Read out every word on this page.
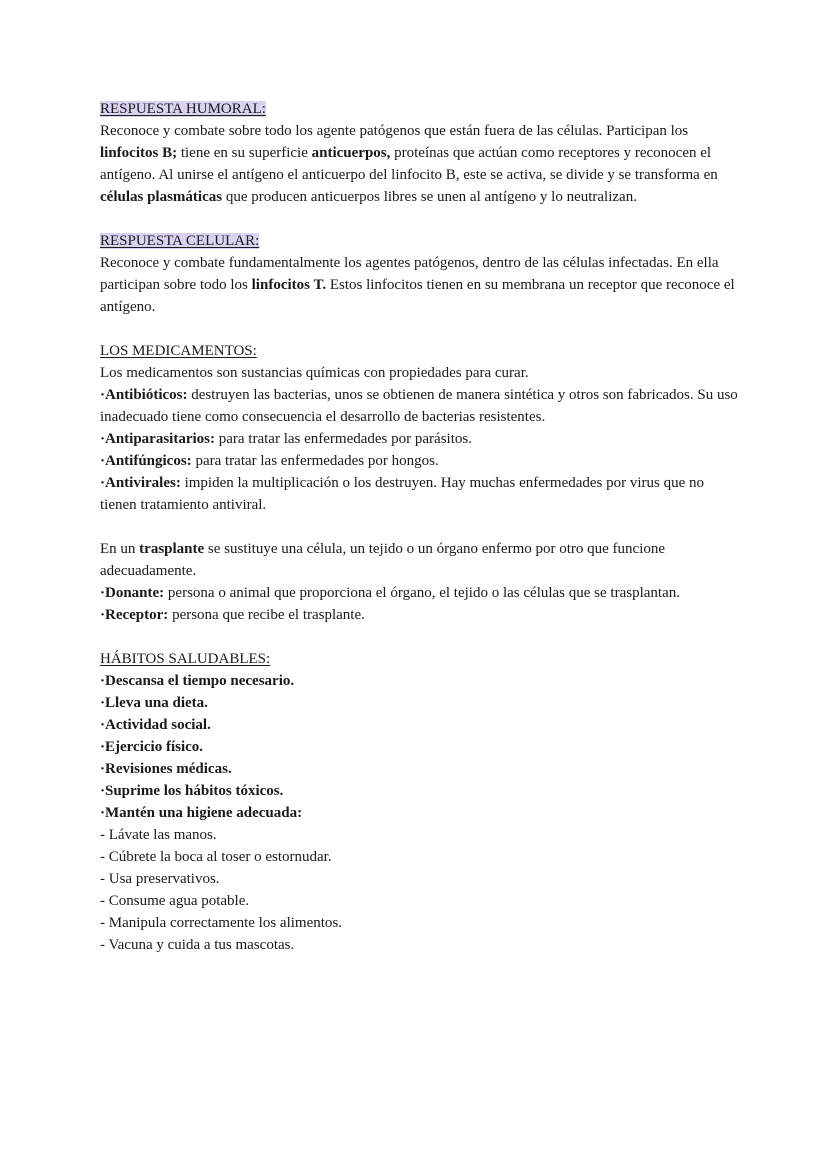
RESPUESTA HUMORAL:

Reconoce y combate sobre todo los agente patógenos que están fuera de las células. Participan los linfocitos B; tiene en su superficie anticuerpos, proteínas que actúan como receptores y reconocen el antígeno. Al unirse el antígeno el anticuerpo del linfocito B, este se activa, se divide y se transforma en células plasmáticas que producen anticuerpos libres se unen al antígeno y lo neutralizan.

RESPUESTA CELULAR:

Reconoce y combate fundamentalmente los agentes patógenos, dentro de las células infectadas. En ella participan sobre todo los linfocitos T. Estos linfocitos tienen en su membrana un receptor que reconoce el antígeno.

LOS MEDICAMENTOS:

Los medicamentos son sustancias químicas con propiedades para curar.

·Antibióticos: destruyen las bacterias, unos se obtienen de manera sintética y otros son fabricados. Su uso inadecuado tiene como consecuencia el desarrollo de bacterias resistentes.

·Antiparasitarios: para tratar las enfermedades por parásitos.

·Antifúngicos: para tratar las enfermedades por hongos.

·Antivirales: impiden la multiplicación o los destruyen. Hay muchas enfermedades por virus que no tienen tratamiento antiviral.

En un trasplante se sustituye una célula, un tejido o un órgano enfermo por otro que funcione adecuadamente.

·Donante: persona o animal que proporciona el órgano, el tejido o las células que se trasplantan.

·Receptor: persona que recibe el trasplante.

HÁBITOS SALUDABLES:

·Descansa el tiempo necesario.

·Lleva una dieta.

·Actividad social.

·Ejercicio físico.

·Revisiones médicas.

·Suprime los hábitos tóxicos.

·Mantén una higiene adecuada:

- Lávate las manos.

- Cúbrete la boca al toser o estornudar.

- Usa preservativos.

- Consume agua potable.

- Manipula correctamente los alimentos.

- Vacuna y cuida a tus mascotas.
